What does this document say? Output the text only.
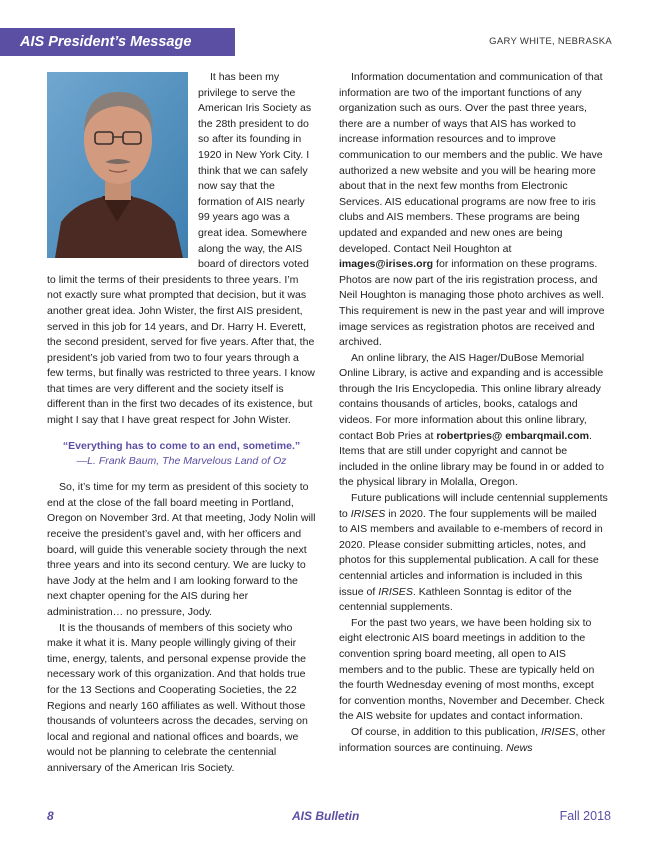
AIS President’s Message	GARY WHITE, NEBRASKA

It has been my privilege to serve the American Iris Society as the 28th president to do so after its founding in 1920 in New York City. I think that we can safely now say that the formation of AIS nearly 99 years ago was a great idea. Somewhere along the way, the AIS board of directors voted to limit the terms of their presidents to three years. I’m not exactly sure what prompted that decision, but it was another great idea. John Wister, the first AIS president, served in this job for 14 years, and Dr. Harry H. Everett, the second president, served for five years. After that, the president’s job varied from two to four years through a few terms, but finally was restricted to three years. I know that times are very different and the society itself is different than in the first two decades of its existence, but might I say that I have great respect for John Wister.

“Everything has to come to an end, sometime.”
—L. Frank Baum, The Marvelous Land of Oz

So, it’s time for my term as president of this society to end at the close of the fall board meeting in Portland, Oregon on November 3rd. At that meeting, Jody Nolin will receive the president’s gavel and, with her officers and board, will guide this venerable society through the next three years and into its second century. We are lucky to have Jody at the helm and I am looking forward to the next chapter opening for the AIS during her administration… no pressure, Jody.

It is the thousands of members of this society who make it what it is. Many people willingly giving of their time, energy, talents, and personal expense provide the necessary work of this organization. And that holds true for the 13 Sections and Cooperating Societies, the 22 Regions and nearly 160 affiliates as well. Without those thousands of volunteers across the decades, serving on local and regional and national offices and boards, we would not be planning to celebrate the centennial anniversary of the American Iris Society.

Information documentation and communication of that information are two of the important functions of any organization such as ours. Over the past three years, there are a number of ways that AIS has worked to increase information resources and to improve communication to our members and the public. We have authorized a new website and you will be hearing more about that in the next few months from Electronic Services. AIS educational programs are now free to iris clubs and AIS members. These programs are being updated and expanded and new ones are being developed. Contact Neil Houghton at images@irises.org for information on these programs. Photos are now part of the iris registration process, and Neil Houghton is managing those photo archives as well. This requirement is new in the past year and will improve image services as registration photos are received and archived.

An online library, the AIS Hager/DuBose Memorial Online Library, is active and expanding and is accessible through the Iris Encyclopedia. This online library already contains thousands of articles, books, catalogs and videos. For more information about this online library, contact Bob Pries at robertpries@ embarqmail.com. Items that are still under copyright and cannot be included in the online library may be found in or added to the physical library in Molalla, Oregon.

Future publications will include centennial supplements to IRISES in 2020. The four supplements will be mailed to AIS members and available to e-members of record in 2020. Please consider submitting articles, notes, and photos for this supplemental publication. A call for these centennial articles and information is included in this issue of IRISES. Kathleen Sonntag is editor of the centennial supplements.

For the past two years, we have been holding six to eight electronic AIS board meetings in addition to the convention spring board meeting, all open to AIS members and to the public. These are typically held on the fourth Wednesday evening of most months, except for convention months, November and December. Check the AIS website for updates and contact information.

Of course, in addition to this publication, IRISES, other information sources are continuing. News

8	AIS Bulletin	Fall 2018
